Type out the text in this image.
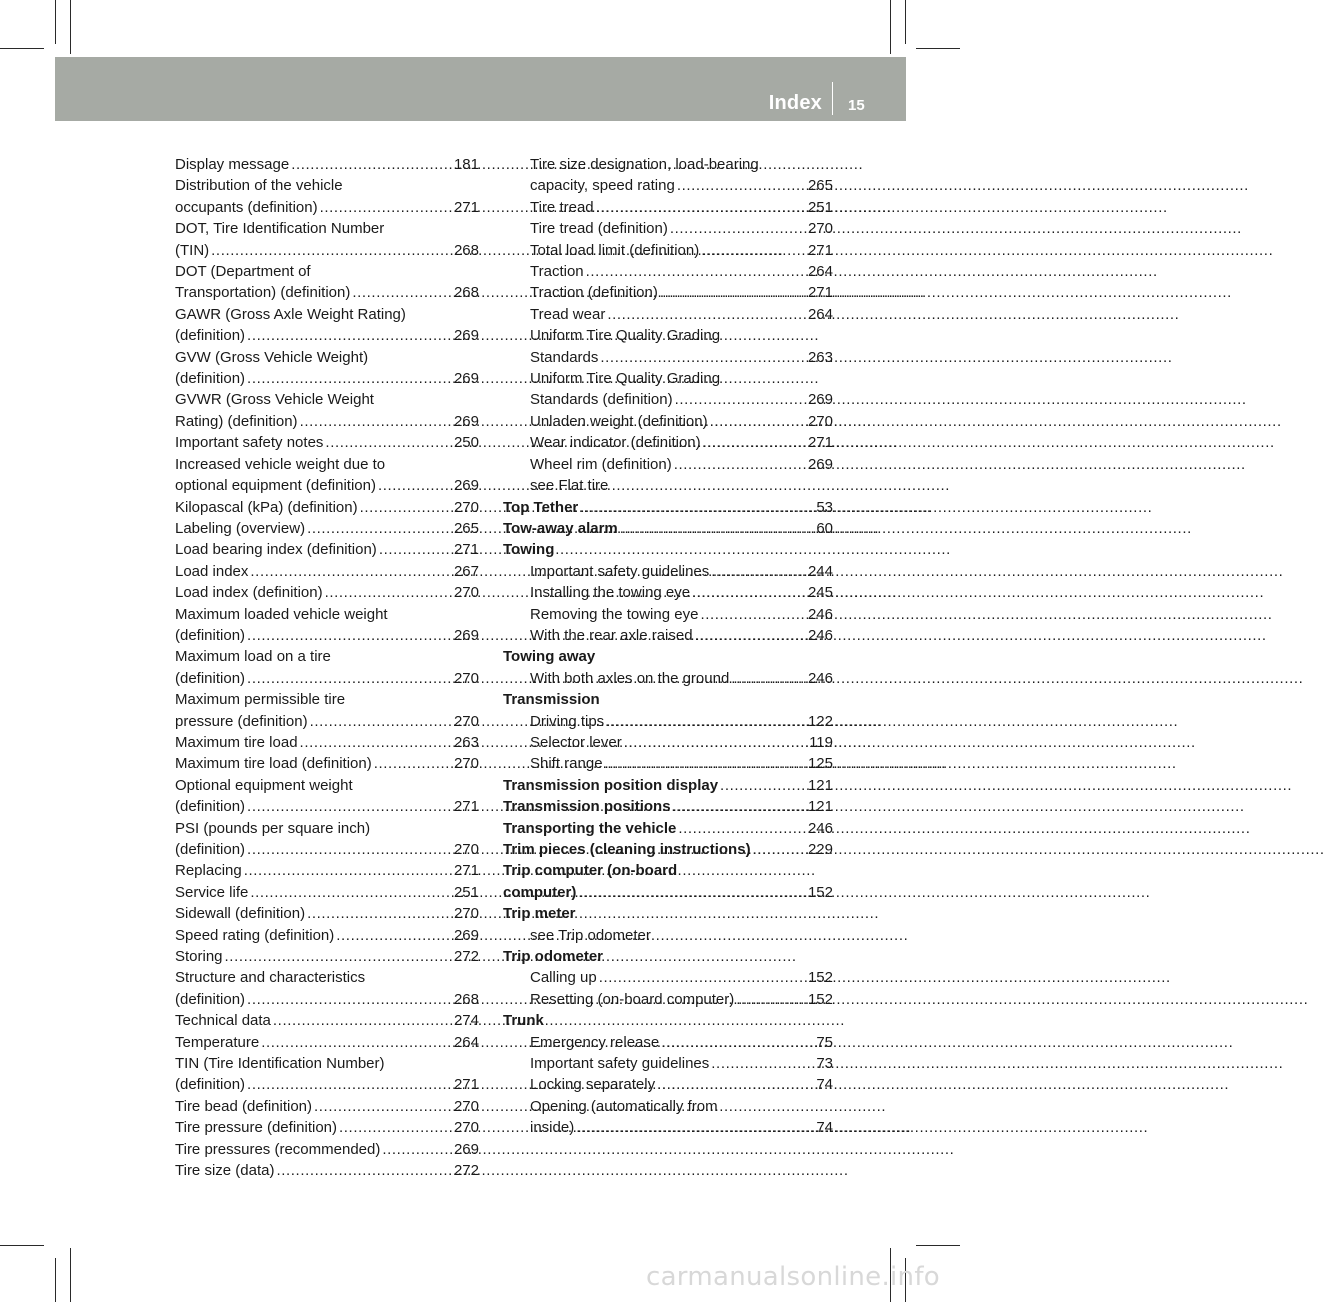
Index 15
Display message .....	181
Distribution of the vehicle
occupants (definition) .....	271
DOT, Tire Identification Number
(TIN) .....	268
DOT (Department of
Transportation) (definition) .....	268
GAWR (Gross Axle Weight Rating)
(definition) .....	269
GVW (Gross Vehicle Weight)
(definition) .....	269
GVWR (Gross Vehicle Weight
Rating) (definition) .....	269
Important safety notes .....	250
Increased vehicle weight due to
optional equipment (definition) .....	269
Kilopascal (kPa) (definition) .....	270
Labeling (overview) .....	265
Load bearing index (definition) .....	271
Load index .....	267
Load index (definition) .....	270
Maximum loaded vehicle weight
(definition) .....	269
Maximum load on a tire
(definition) .....	270
Maximum permissible tire
pressure (definition) .....	270
Maximum tire load .....	263
Maximum tire load (definition) .....	270
Optional equipment weight
(definition) .....	271
PSI (pounds per square inch)
(definition) .....	270
Replacing .....	271
Service life .....	251
Sidewall (definition) .....	270
Speed rating (definition) .....	269
Storing .....	272
Structure and characteristics
(definition) .....	268
Technical data .....	274
Temperature .....	264
TIN (Tire Identification Number)
(definition) .....	271
Tire bead (definition) .....	270
Tire pressure (definition) .....	270
Tire pressures (recommended) .....	269
Tire size (data) .....	272
Tire size designation, load-bearing
capacity, speed rating .....	265
Tire tread .....	251
Tire tread (definition) .....	270
Total load limit (definition) .....	271
Traction .....	264
Traction (definition) .....	271
Tread wear .....	264
Uniform Tire Quality Grading
Standards .....	263
Uniform Tire Quality Grading
Standards (definition) .....	269
Unladen weight (definition) .....	270
Wear indicator (definition) .....	271
Wheel rim (definition) .....	269
see Flat tire
Top Tether .....	53
Tow-away alarm .....	60
Towing
Important safety guidelines .....	244
Installing the towing eye .....	245
Removing the towing eye .....	246
With the rear axle raised .....	246
Towing away
With both axles on the ground .....	246
Transmission
Driving tips .....	122
Selector lever .....	119
Shift range .....	125
Transmission position display .....	121
Transmission positions .....	121
Transporting the vehicle .....	246
Trim pieces (cleaning instructions) .....	229
Trip computer (on-board
computer) .....	152
Trip meter
see Trip odometer
Trip odometer
Calling up .....	152
Resetting (on-board computer) .....	152
Trunk
Emergency release .....	75
Important safety guidelines .....	73
Locking separately .....	74
Opening (automatically from
inside) .....	74
carmanualsonline.info
